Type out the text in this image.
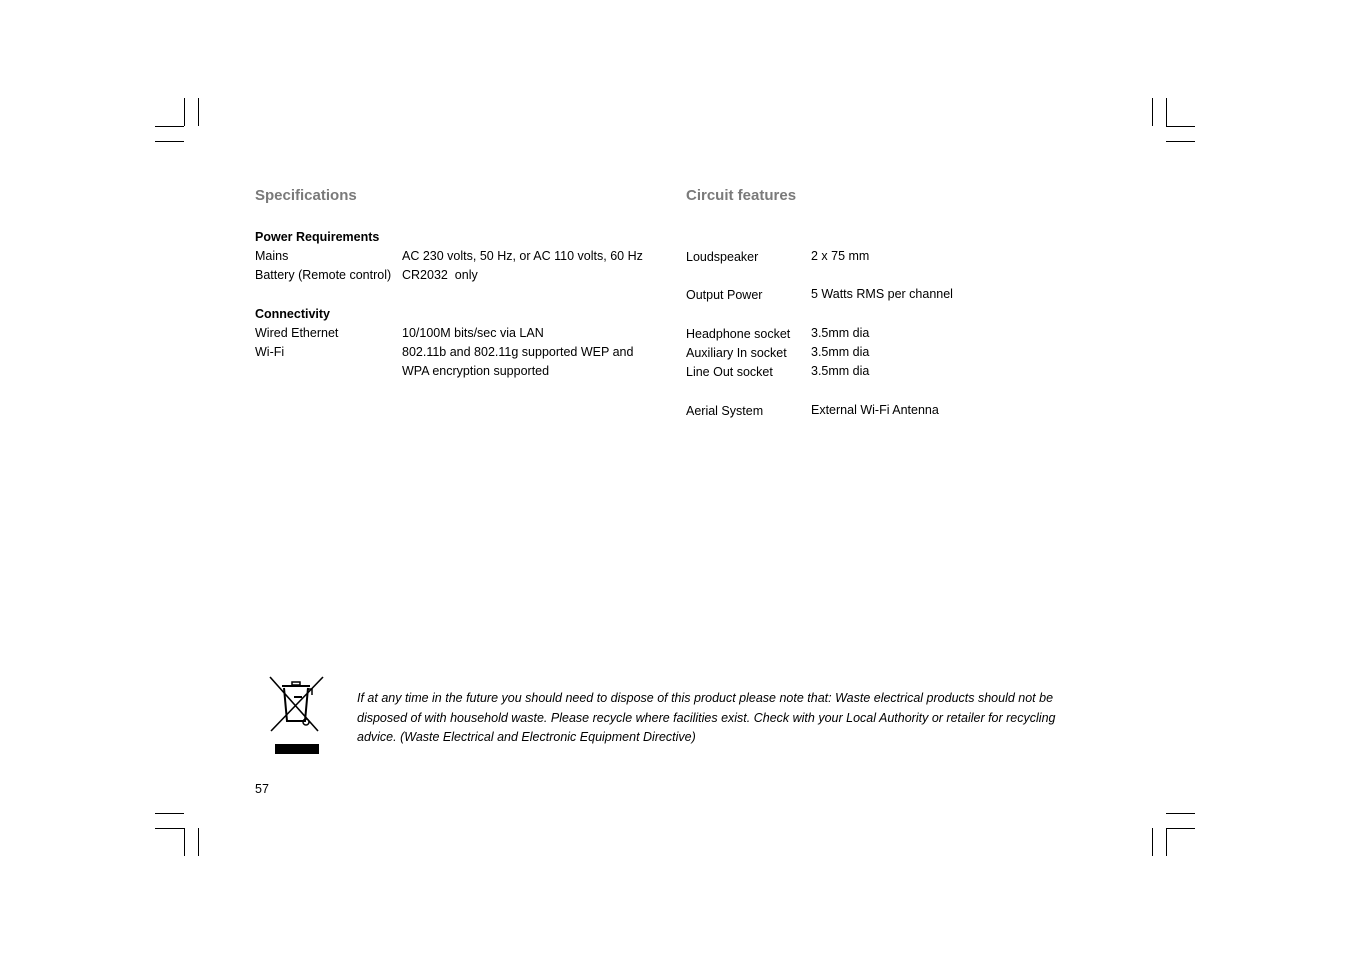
Specifications
Power Requirements
Mains	AC 230 volts, 50 Hz, or AC 110 volts, 60 Hz
Battery (Remote control) CR2032  only
Connectivity
Wired Ethernet	10/100M bits/sec via LAN
Wi-Fi	802.11b and 802.11g supported WEP and
WPA encryption supported
Circuit features
Loudspeaker	2 x 75 mm
Output Power	5 Watts RMS per channel
Headphone socket 3.5mm dia
Auxiliary In socket 3.5mm dia
Line Out socket	3.5mm dia
Aerial System	External Wi-Fi Antenna
If at any time in the future you should need to dispose of this product please note that: Waste electrical products should not be disposed of with household waste. Please recycle where facilities exist. Check with your Local Authority or retailer for recycling advice. (Waste Electrical and Electronic Equipment Directive)
57
